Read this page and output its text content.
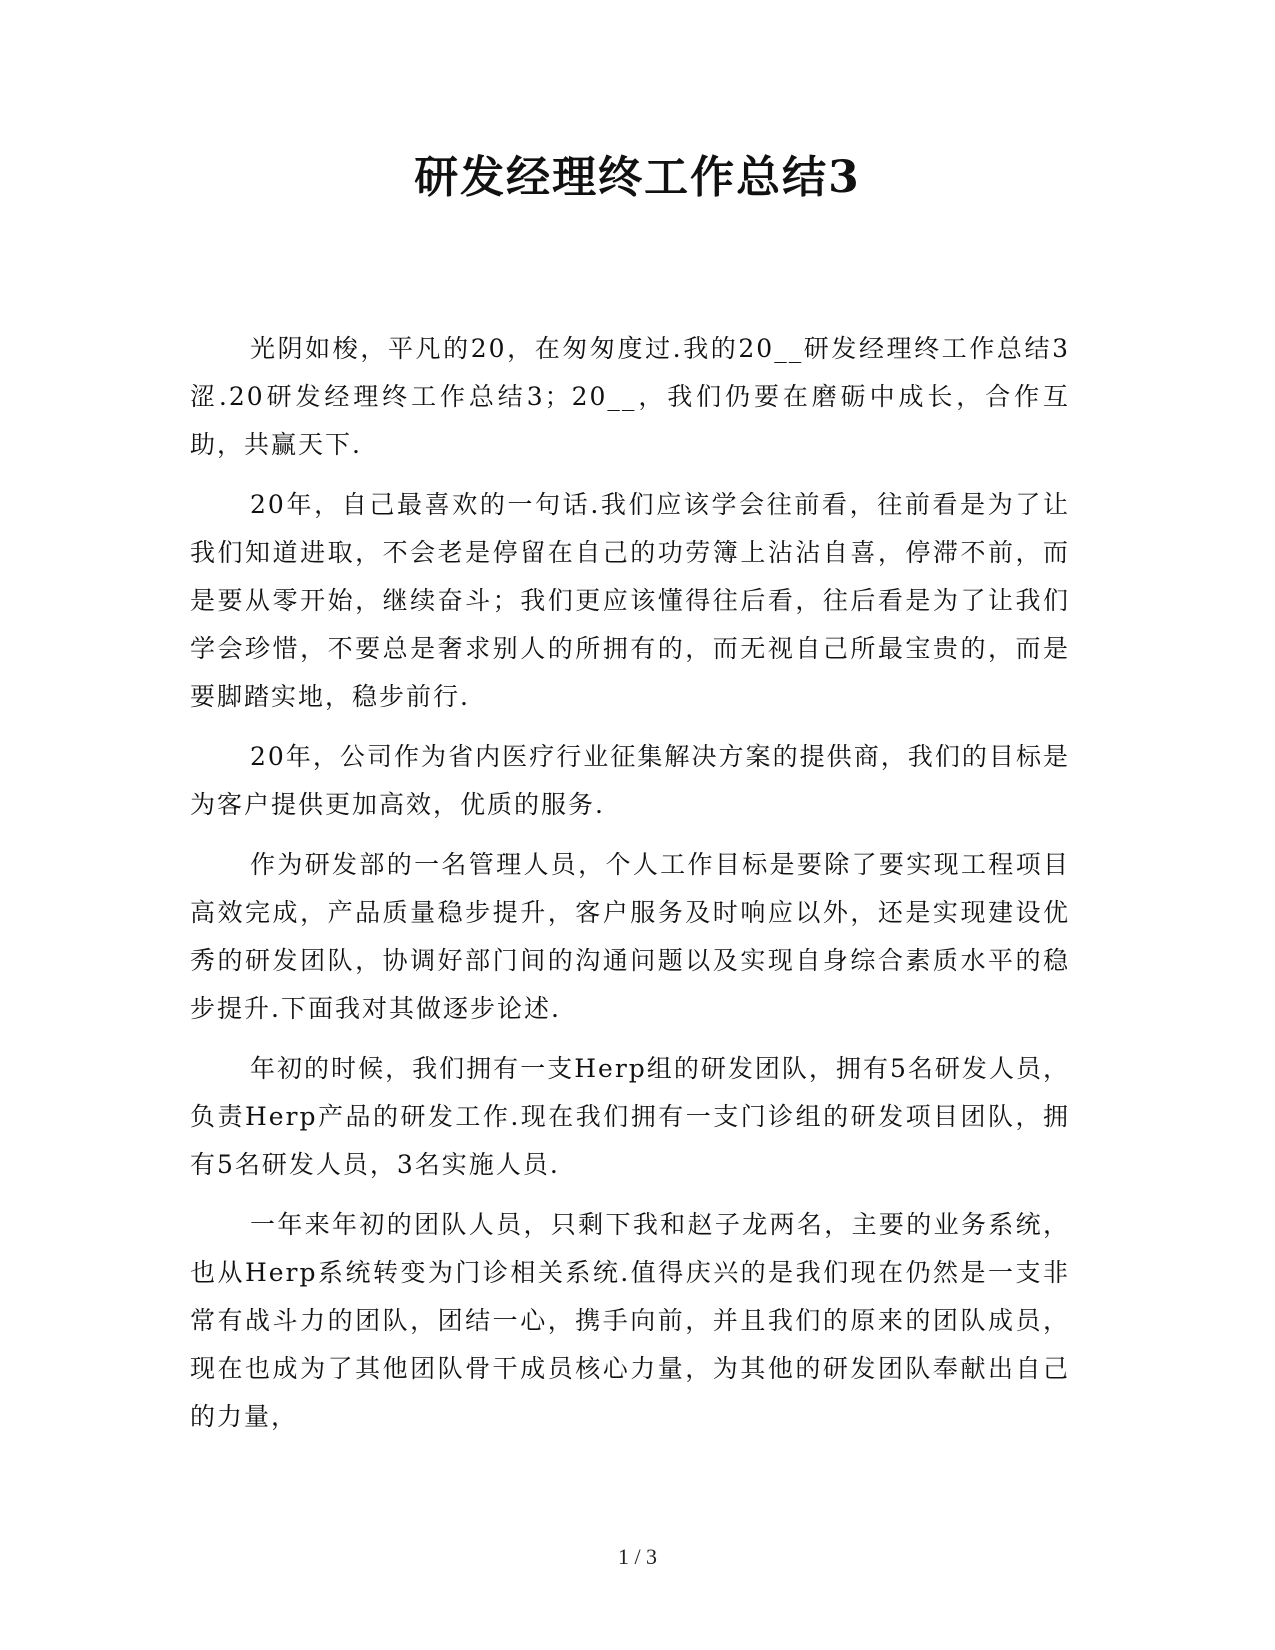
研发经理终工作总结3

光阴如梭，平凡的20，在匆匆度过.我的20__研发经理终工作总结3涩.20研发经理终工作总结3；20__，我们仍要在磨砺中成长，合作互助，共赢天下.

20年，自己最喜欢的一句话.我们应该学会往前看，往前看是为了让我们知道进取，不会老是停留在自己的功劳簿上沾沾自喜，停滞不前，而是要从零开始，继续奋斗；我们更应该懂得往后看，往后看是为了让我们学会珍惜，不要总是奢求别人的所拥有的，而无视自己所最宝贵的，而是要脚踏实地，稳步前行.

20年，公司作为省内医疗行业征集解决方案的提供商，我们的目标是为客户提供更加高效，优质的服务.

作为研发部的一名管理人员，个人工作目标是要除了要实现工程项目高效完成，产品质量稳步提升，客户服务及时响应以外，还是实现建设优秀的研发团队，协调好部门间的沟通问题以及实现自身综合素质水平的稳步提升.下面我对其做逐步论述.

年初的时候，我们拥有一支Herp组的研发团队，拥有5名研发人员，负责Herp产品的研发工作.现在我们拥有一支门诊组的研发项目团队，拥有5名研发人员，3名实施人员.

一年来年初的团队人员，只剩下我和赵子龙两名，主要的业务系统，也从Herp系统转变为门诊相关系统.值得庆兴的是我们现在仍然是一支非常有战斗力的团队，团结一心，携手向前，并且我们的原来的团队成员，现在也成为了其他团队骨干成员核心力量，为其他的研发团队奉献出自己的力量，

1 / 3
